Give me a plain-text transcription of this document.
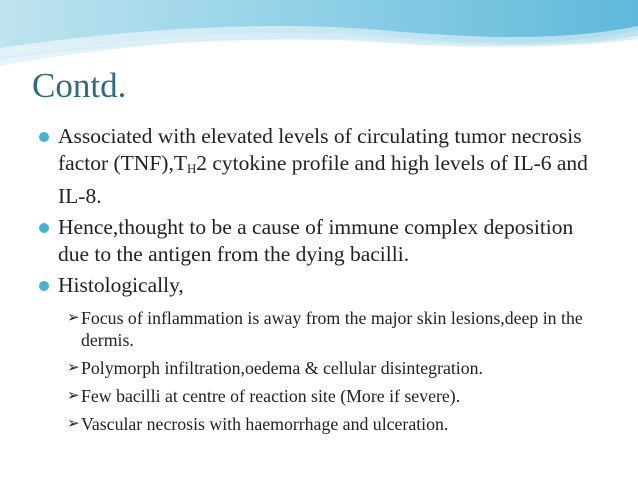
Contd.
Associated with elevated levels of circulating tumor necrosis factor $(TNF),T_H2$ cytokine profile and high levels of IL-6 and IL-8.
Hence,thought to be a cause of immune complex deposition due to the antigen from the dying bacilli.
Histologically,
➢ Focus of inflammation is away from the major skin lesions,deep in the dermis.
➢ Polymorph infiltration,oedema & cellular disintegration.
➢ Few bacilli at centre of reaction site (More if severe).
➢ Vascular necrosis with haemorrhage and ulceration.
